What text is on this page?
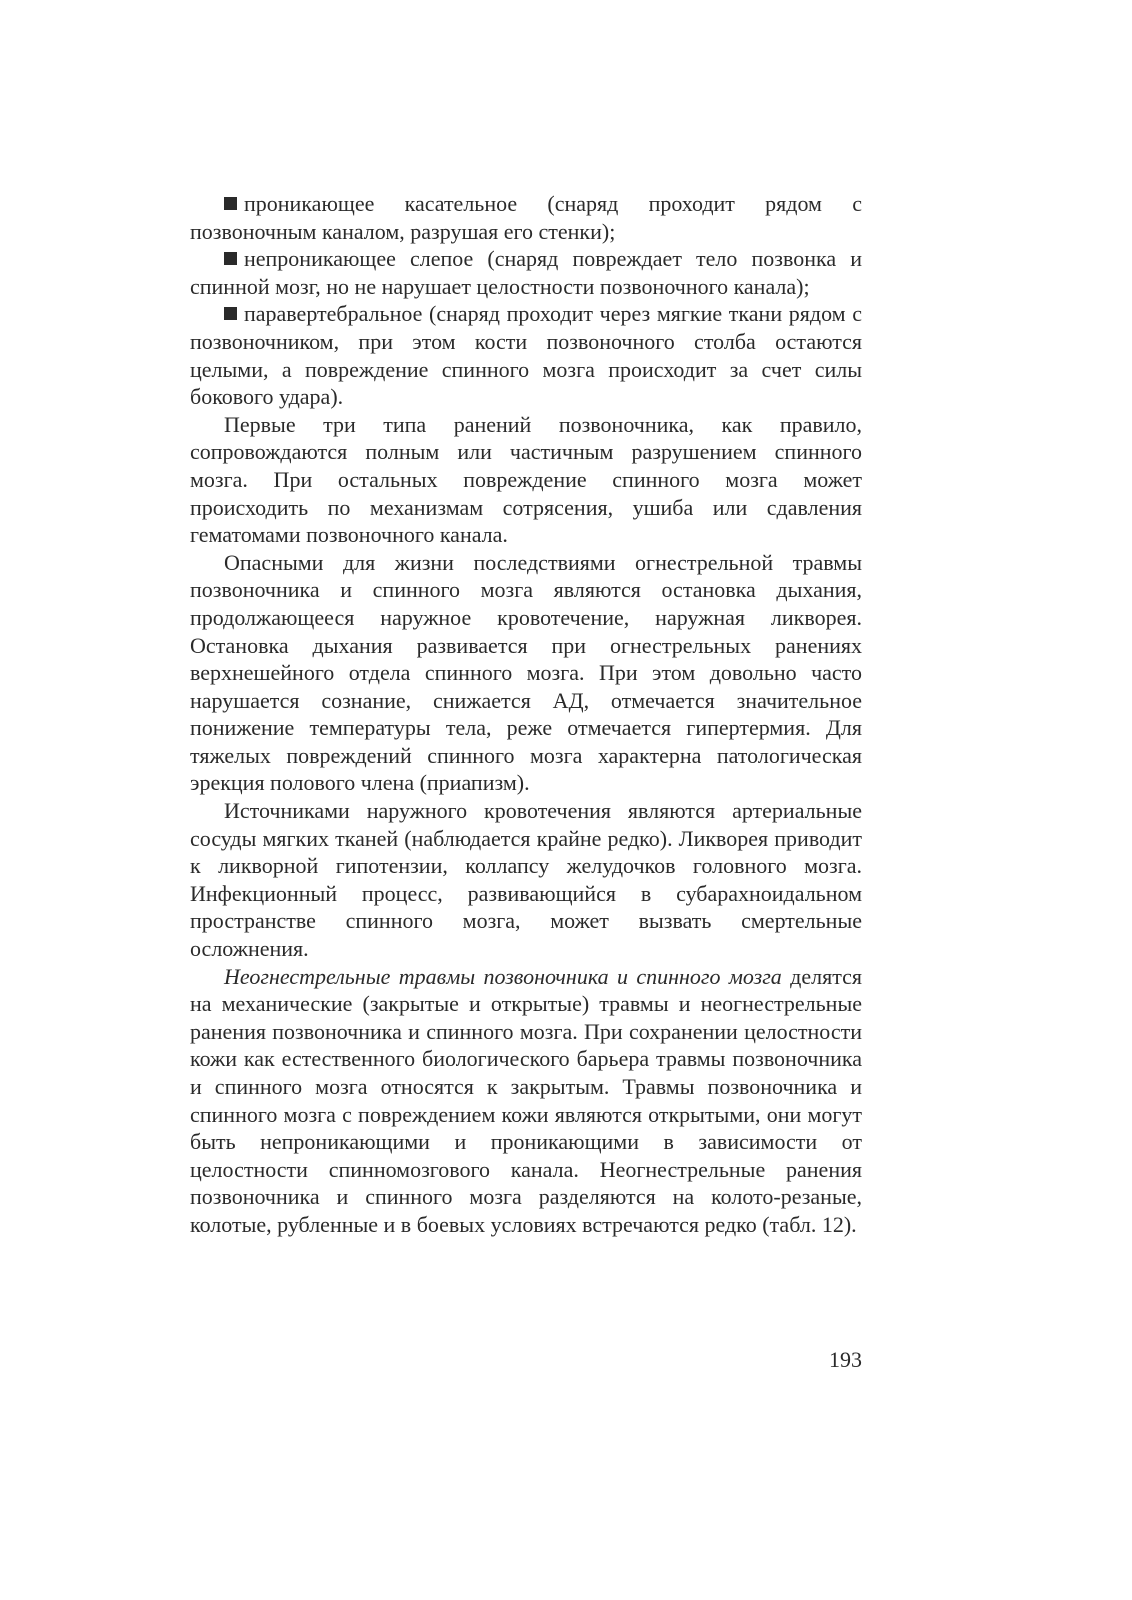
проникающее касательное (снаряд проходит рядом с позвоночным каналом, разрушая его стенки);

непроникающее слепое (снаряд повреждает тело позвонка и спинной мозг, но не нарушает целостности позвоночного канала);

паравертебральное (снаряд проходит через мягкие ткани рядом с позвоночником, при этом кости позвоночного столба остаются целыми, а повреждение спинного мозга происходит за счет силы бокового удара).

Первые три типа ранений позвоночника, как правило, сопровождаются полным или частичным разрушением спинного мозга. При остальных повреждение спинного мозга может происходить по механизмам сотрясения, ушиба или сдавления гематомами позвоночного канала.

Опасными для жизни последствиями огнестрельной травмы позвоночника и спинного мозга являются остановка дыхания, продолжающееся наружное кровотечение, наружная ликворея. Остановка дыхания развивается при огнестрельных ранениях верхнешейного отдела спинного мозга. При этом довольно часто нарушается сознание, снижается АД, отмечается значительное понижение температуры тела, реже отмечается гипертермия. Для тяжелых повреждений спинного мозга характерна патологическая эрекция полового члена (приапизм).

Источниками наружного кровотечения являются артериальные сосуды мягких тканей (наблюдается крайне редко). Ликворея приводит к ликворной гипотензии, коллапсу желудочков головного мозга. Инфекционный процесс, развивающийся в субарахноидальном пространстве спинного мозга, может вызвать смертельные осложнения.

Неогнестрельные травмы позвоночника и спинного мозга делятся на механические (закрытые и открытые) травмы и неогнестрельные ранения позвоночника и спинного мозга. При сохранении целостности кожи как естественного биологического барьера травмы позвоночника и спинного мозга относятся к закрытым. Травмы позвоночника и спинного мозга с повреждением кожи являются открытыми, они могут быть непроникающими и проникающими в зависимости от целостности спинномозгового канала. Неогнестрельные ранения позвоночника и спинного мозга разделяются на колото-резаные, колотые, рубленные и в боевых условиях встречаются редко (табл. 12).

193
